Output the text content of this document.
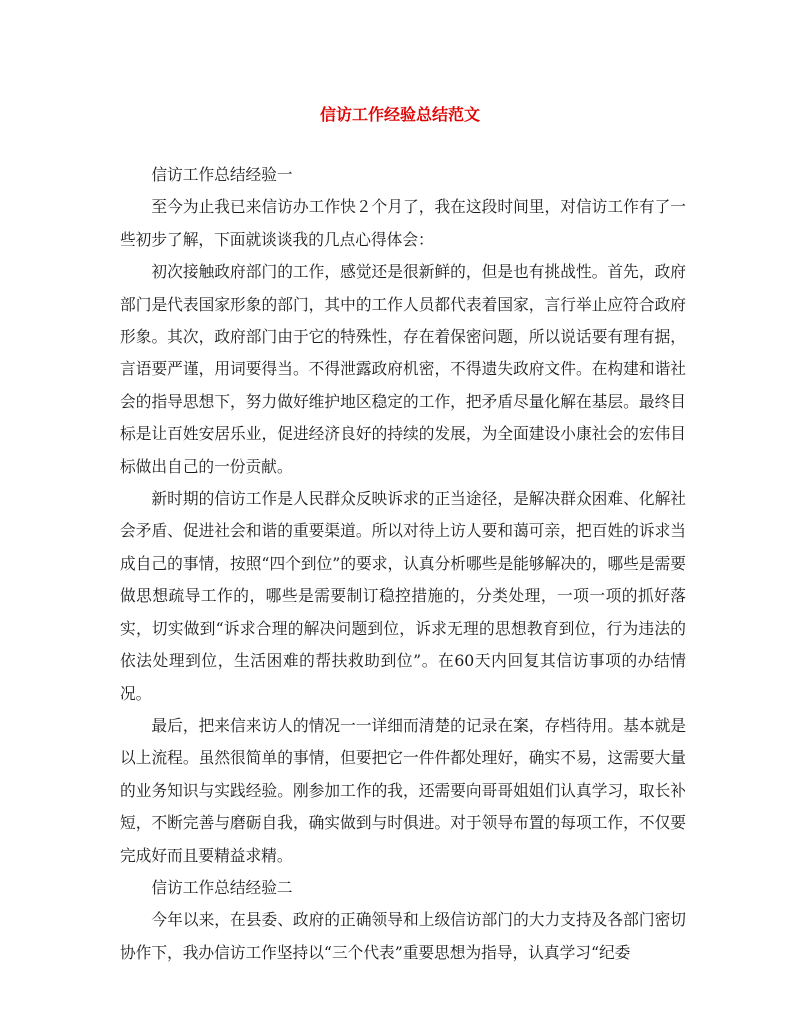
信访工作经验总结范文

信访工作总结经验一

至今为止我已来信访办工作快２个月了，我在这段时间里，对信访工作有了一些初步了解，下面就谈谈我的几点心得体会：

初次接触政府部门的工作，感觉还是很新鲜的，但是也有挑战性。首先，政府部门是代表国家形象的部门，其中的工作人员都代表着国家，言行举止应符合政府形象。其次，政府部门由于它的特殊性，存在着保密问题，所以说话要有理有据，言语要严谨，用词要得当。不得泄露政府机密，不得遗失政府文件。在构建和谐社会的指导思想下，努力做好维护地区稳定的工作，把矛盾尽量化解在基层。最终目标是让百姓安居乐业，促进经济良好的持续的发展，为全面建设小康社会的宏伟目标做出自己的一份贡献。

新时期的信访工作是人民群众反映诉求的正当途径，是解决群众困难、化解社会矛盾、促进社会和谐的重要渠道。所以对待上访人要和蔼可亲，把百姓的诉求当成自己的事情，按照“四个到位”的要求，认真分析哪些是能够解决的，哪些是需要做思想疏导工作的，哪些是需要制订稳控措施的，分类处理，一项一项的抓好落实，切实做到“诉求合理的解决问题到位，诉求无理的思想教育到位，行为违法的依法处理到位，生活困难的帮扶救助到位”。在60天内回复其信访事项的办结情况。

最后，把来信来访人的情况一一详细而清楚的记录在案，存档待用。基本就是以上流程。虽然很简单的事情，但要把它一件件都处理好，确实不易，这需要大量的业务知识与实践经验。刚参加工作的我，还需要向哥哥姐姐们认真学习，取长补短，不断完善与磨砺自我，确实做到与时俱进。对于领导布置的每项工作，不仅要完成好而且要精益求精。

信访工作总结经验二

今年以来，在县委、政府的正确领导和上级信访部门的大力支持及各部门密切协作下，我办信访工作坚持以“三个代表”重要思想为指导，认真学习“纪委
